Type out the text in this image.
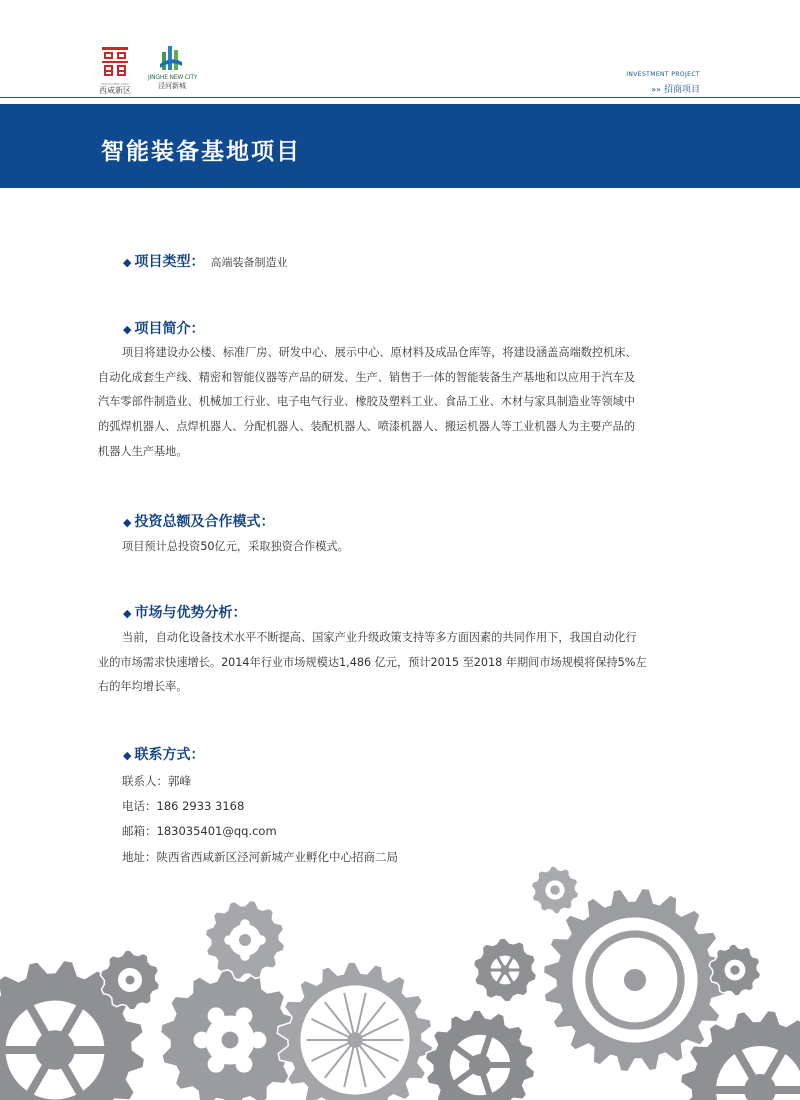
XIXIAN NEW AREA
西咸新区
JINGHE NEW CITY
泾河新城
INVESTMENT PROJECT
»» 招商项目
智能装备基地项目
◆ 项目类型： 高端装备制造业
◆ 项目简介：

项目将建设办公楼、标准厂房、研发中心、展示中心、原材料及成品仓库等，将建设涵盖高端数控机床、

自动化成套生产线、精密和智能仪器等产品的研发、生产、销售于一体的智能装备生产基地和以应用于汽车及

汽车零部件制造业、机械加工行业、电子电气行业、橡胶及塑料工业、食品工业、木材与家具制造业等领域中

的弧焊机器人、点焊机器人、分配机器人、装配机器人、喷漆机器人、搬运机器人等工业机器人为主要产品的

机器人生产基地。

◆ 投资总额及合作模式：

项目预计总投资50亿元，采取独资合作模式。

◆ 市场与优势分析：

当前，自动化设备技术水平不断提高、国家产业升级政策支持等多方面因素的共同作用下，我国自动化行

业的市场需求快速增长。2014年行业市场规模达1,486 亿元，预计2015 至2018 年期间市场规模将保持5%左

右的年均增长率。

◆ 联系方式：
联系人：郭峰
电话：186 2933 3168
邮箱：183035401@qq.com
地址：陕西省西咸新区泾河新城产业孵化中心招商二局
